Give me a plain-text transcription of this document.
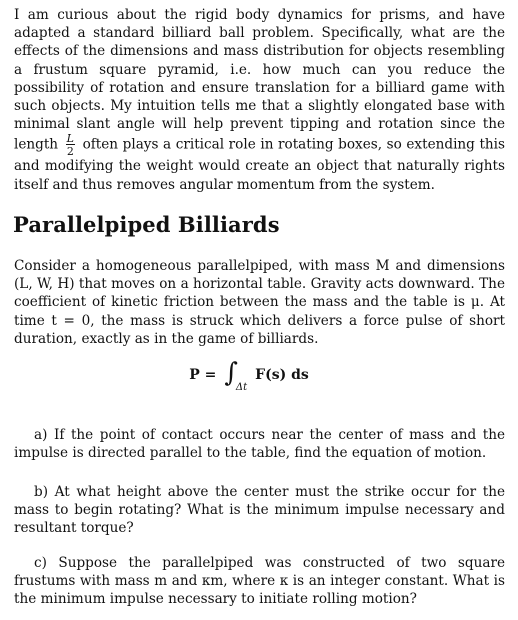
I am curious about the rigid body dynamics for prisms, and have adapted a standard billiard ball problem. Specifically, what are the effects of the dimensions and mass distribution for objects resembling a frustum square pyramid, i.e. how much can you reduce the possibility of rotation and ensure translation for a billiard game with such objects. My intuition tells me that a slightly elongated base with minimal slant angle will help prevent tipping and rotation since the length $\frac{L}{2}$ often plays a critical role in rotating boxes, so extending this and modifying the weight would create an object that naturally rights itself and thus removes angular momentum from the system.
Parallelpiped Billiards
Consider a homogeneous parallelpiped, with mass M and dimensions (L, W, H) that moves on a horizontal table. Gravity acts downward. The coefficient of kinetic friction between the mass and the table is μ. At time t = 0, the mass is struck which delivers a force pulse of short duration, exactly as in the game of billiards.
P = ∫
Δt
F(s) ds
a) If the point of contact occurs near the center of mass and the impulse is directed parallel to the table, find the equation of motion.
b) At what height above the center must the strike occur for the mass to begin rotating? What is the minimum impulse necessary and resultant torque?
c) Suppose the parallelpiped was constructed of two square frustums with mass m and κm, where κ is an integer constant. What is the minimum impulse necessary to initiate rolling motion?
